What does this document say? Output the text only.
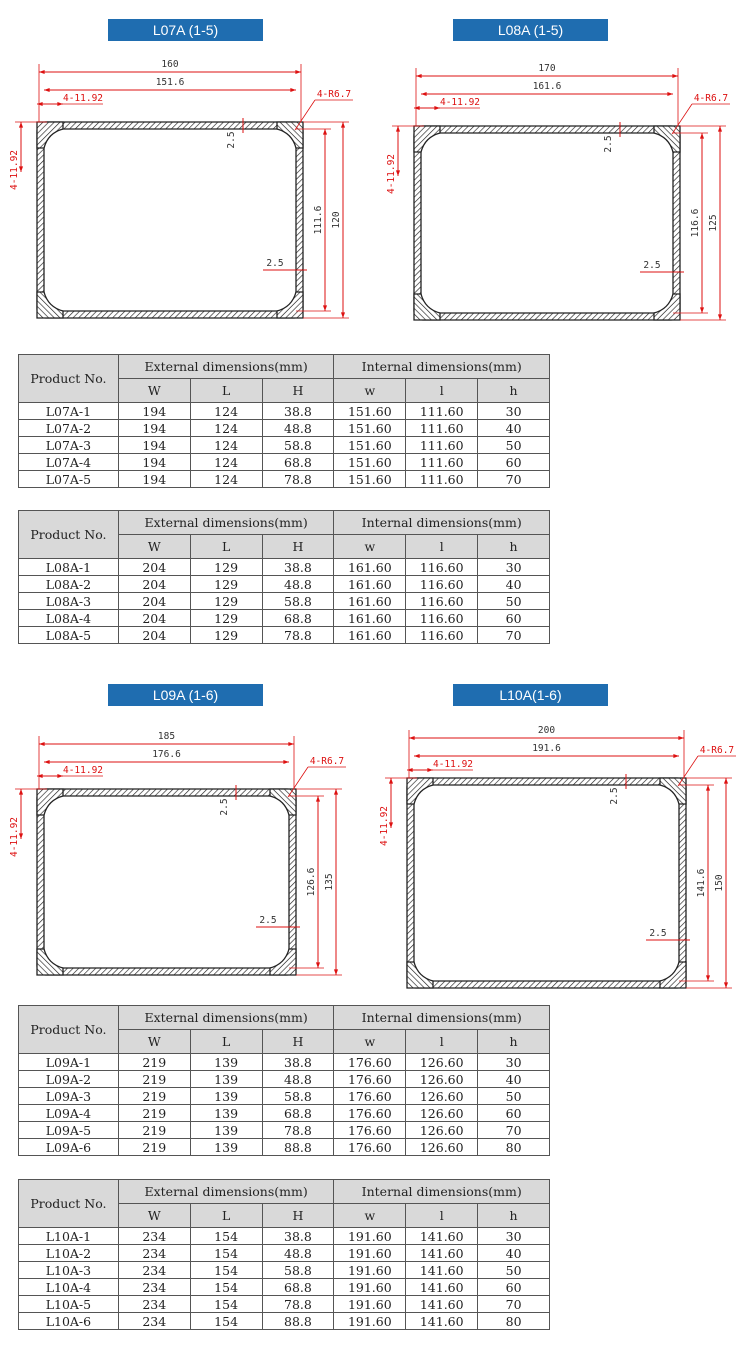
L07A (1-5)	L08A (1-5)
L09A (1-6)	L10A(1-6)
160
151.6
4-11.92	4-R6.7
4-11.92
2.5
2.5
111.6 120
170
161.6
4-11.92	4-R6.7
4-11.92
2.5
2.5
116.6 125
185
176.6
4-11.92
4-R6.7
4-11.92
2.5
2.5
126.6 135
200
191.6
4-11.92
4-R6.7
4-11.92
2.5
2.5
141.6 150
Product No.	External dimensions(mm)			Internal dimensions(mm)		
	W	L	H	w	l	h
L07A-1	194	124	38.8	151.60	111.60	30
L07A-2	194	124	48.8	151.60	111.60	40
L07A-3	194	124	58.8	151.60	111.60	50
L07A-4	194	124	68.8	151.60	111.60	60
L07A-5	194	124	78.8	151.60	111.60	70

Product No.	External dimensions(mm)			Internal dimensions(mm)		
	W	L	H	w	l	h
L08A-1	204	129	38.8	161.60	116.60	30
L08A-2	204	129	48.8	161.60	116.60	40
L08A-3	204	129	58.8	161.60	116.60	50
L08A-4	204	129	68.8	161.60	116.60	60
L08A-5	204	129	78.8	161.60	116.60	70

Product No.	External dimensions(mm)			Internal dimensions(mm)		
	W	L	H	w	l	h
L09A-1	219	139	38.8	176.60	126.60	30
L09A-2	219	139	48.8	176.60	126.60	40
L09A-3	219	139	58.8	176.60	126.60	50
L09A-4	219	139	68.8	176.60	126.60	60
L09A-5	219	139	78.8	176.60	126.60	70
L09A-6	219	139	88.8	176.60	126.60	80

Product No.	External dimensions(mm)			Internal dimensions(mm)		
	W	L	H	w	l	h
L10A-1	234	154	38.8	191.60	141.60	30
L10A-2	234	154	48.8	191.60	141.60	40
L10A-3	234	154	58.8	191.60	141.60	50
L10A-4	234	154	68.8	191.60	141.60	60
L10A-5	234	154	78.8	191.60	141.60	70
L10A-6	234	154	88.8	191.60	141.60	80
